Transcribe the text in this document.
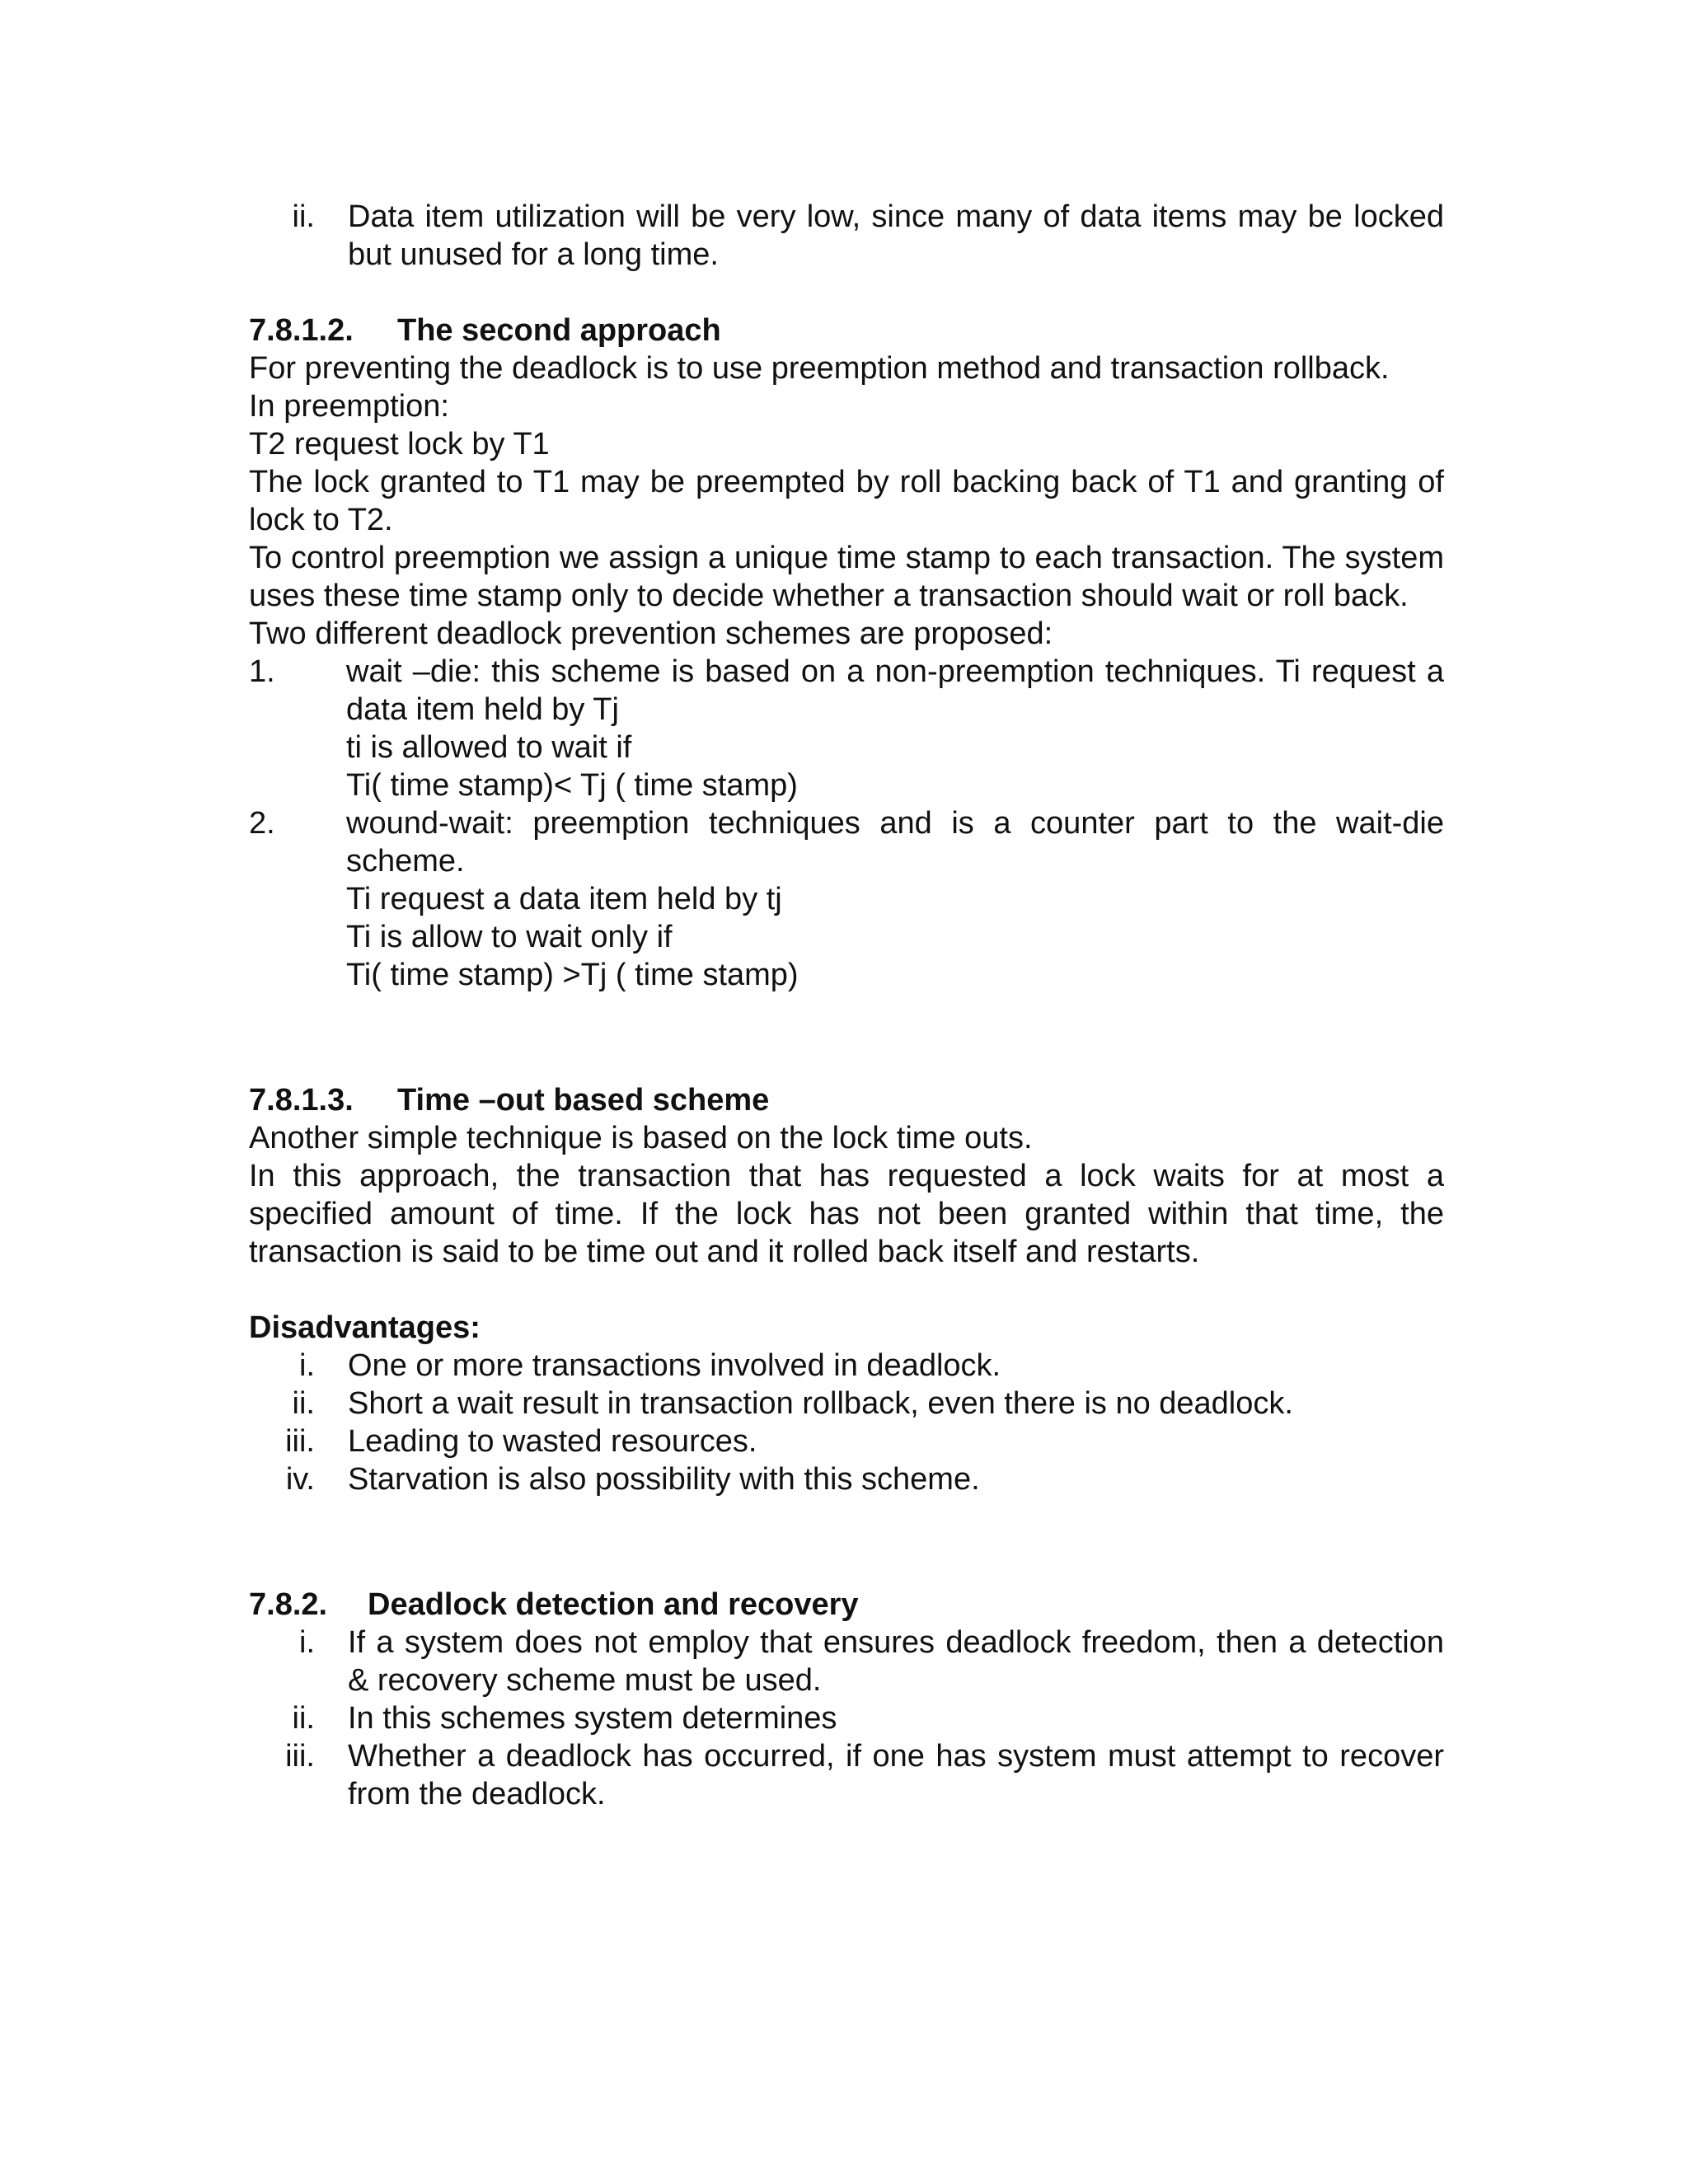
ii. Data item utilization will be very low, since many of data items may be locked but unused for a long time.
7.8.1.2.	The second approach

For preventing the deadlock is to use preemption method and transaction rollback.

In preemption:

T2 request lock by T1

The lock granted to T1 may be preempted by roll backing back of T1 and granting of lock to T2.

To control preemption we assign a unique time stamp to each transaction. The system uses these time stamp only to decide whether a transaction should wait or roll back.

Two different deadlock prevention schemes are proposed:

1.	wait –die: this scheme is based on a non-preemption techniques. Ti request a data item held by Tj
ti is allowed to wait if
Ti( time stamp)< Tj ( time stamp)
2.	wound-wait: preemption techniques and is a counter part to the wait-die scheme.
Ti request a data item held by tj
Ti is allow to wait only if
Ti( time stamp) >Tj ( time stamp)
7.8.1.3.	Time –out based scheme

Another simple technique is based on the lock time outs.

In this approach, the transaction that has requested a lock waits for at most a specified amount of time. If the lock has not been granted within that time, the transaction is said to be time out and it rolled back itself and restarts.

Disadvantages:
i. One or more transactions involved in deadlock.
ii. Short a wait result in transaction rollback, even there is no deadlock.
iii. Leading to wasted resources.
iv. Starvation is also possibility with this scheme.
7.8.2.	Deadlock detection and recovery
i. If a system does not employ that ensures deadlock freedom, then a detection & recovery scheme must be used.
ii. In this schemes system determines
iii. Whether a deadlock has occurred, if one has system must attempt to recover from the deadlock.
